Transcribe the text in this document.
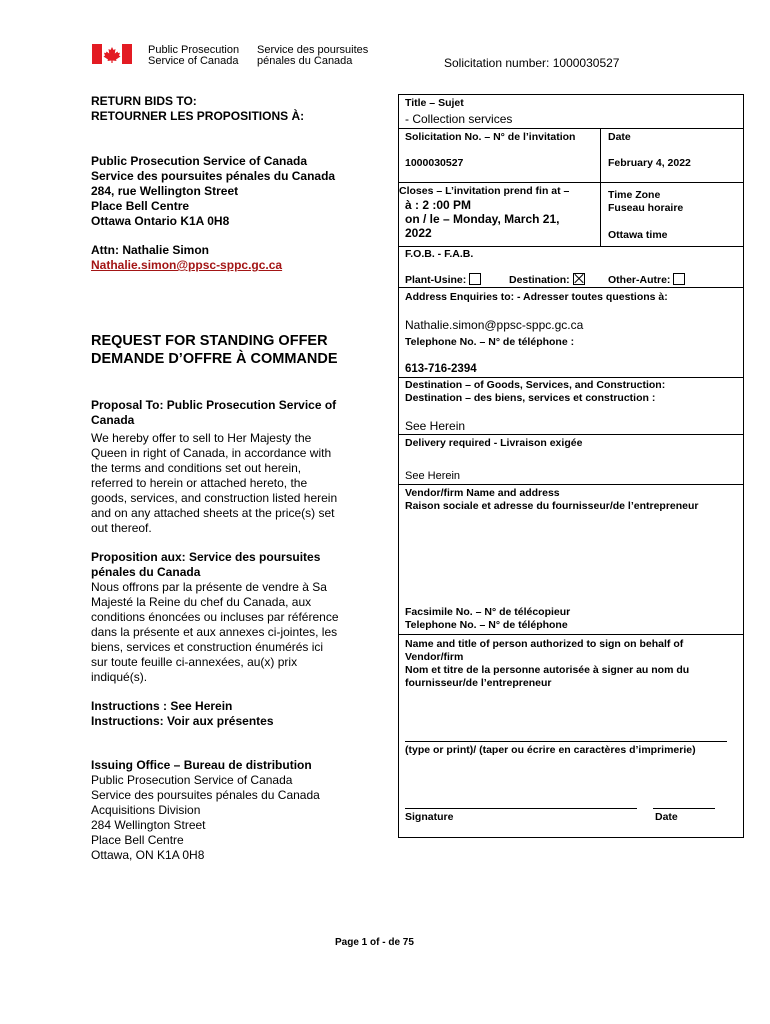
Public Prosecution
Service of Canada
Service des poursuites
pénales du Canada	Solicitation number: 1000030527
RETURN BIDS TO:
RETOURNER LES PROPOSITIONS À:
Public Prosecution Service of Canada
Service des poursuites pénales du Canada
284, rue Wellington Street
Place Bell Centre
Ottawa Ontario K1A 0H8
Attn: Nathalie Simon
Nathalie.simon@ppsc-sppc.gc.ca
REQUEST FOR STANDING OFFER
DEMANDE D’OFFRE À COMMANDE
Proposal To: Public Prosecution Service of
Canada
We hereby offer to sell to Her Majesty the
Queen in right of Canada, in accordance with
the terms and conditions set out herein,
referred to herein or attached hereto, the
goods, services, and construction listed herein
and on any attached sheets at the price(s) set
out thereof.
Proposition aux: Service des poursuites
pénales du Canada
Nous offrons par la présente de vendre à Sa
Majesté la Reine du chef du Canada, aux
conditions énoncées ou incluses par référence
dans la présente et aux annexes ci-jointes, les
biens, services et construction énumérés ici
sur toute feuille ci-annexées, au(x) prix
indiqué(s).
Instructions : See Herein
Instructions: Voir aux présentes
Issuing Office – Bureau de distribution
Public Prosecution Service of Canada
Service des poursuites pénales du Canada
Acquisitions Division
284 Wellington Street
Place Bell Centre
Ottawa, ON K1A 0H8
Title – Sujet
- Collection services
Solicitation No. – N° de l’invitation	Date
1000030527	February 4, 2022
Closes – L’invitation prend fin at –
à : 2 :00 PM
on / le – Monday, March 21,
2022
Time Zone
Fuseau horaire
Ottawa time
F.O.B. - F.A.B.
Plant-Usine:	Destination:	Other-Autre:
Address Enquiries to: - Adresser toutes questions à:
Nathalie.simon@ppsc-sppc.gc.ca
Telephone No. – N° de téléphone :
613-716-2394
Destination – of Goods, Services, and Construction:
Destination – des biens, services et construction :
See Herein
Delivery required - Livraison exigée
See Herein
Vendor/firm Name and address
Raison sociale et adresse du fournisseur/de l’entrepreneur
Facsimile No. – N° de télécopieur
Telephone No. – N° de téléphone
Name and title of person authorized to sign on behalf of
Vendor/firm
Nom et titre de la personne autorisée à signer au nom du
fournisseur/de l’entrepreneur
(type or print)/ (taper ou écrire en caractères d’imprimerie)
Signature	Date
Page 1 of - de 75
